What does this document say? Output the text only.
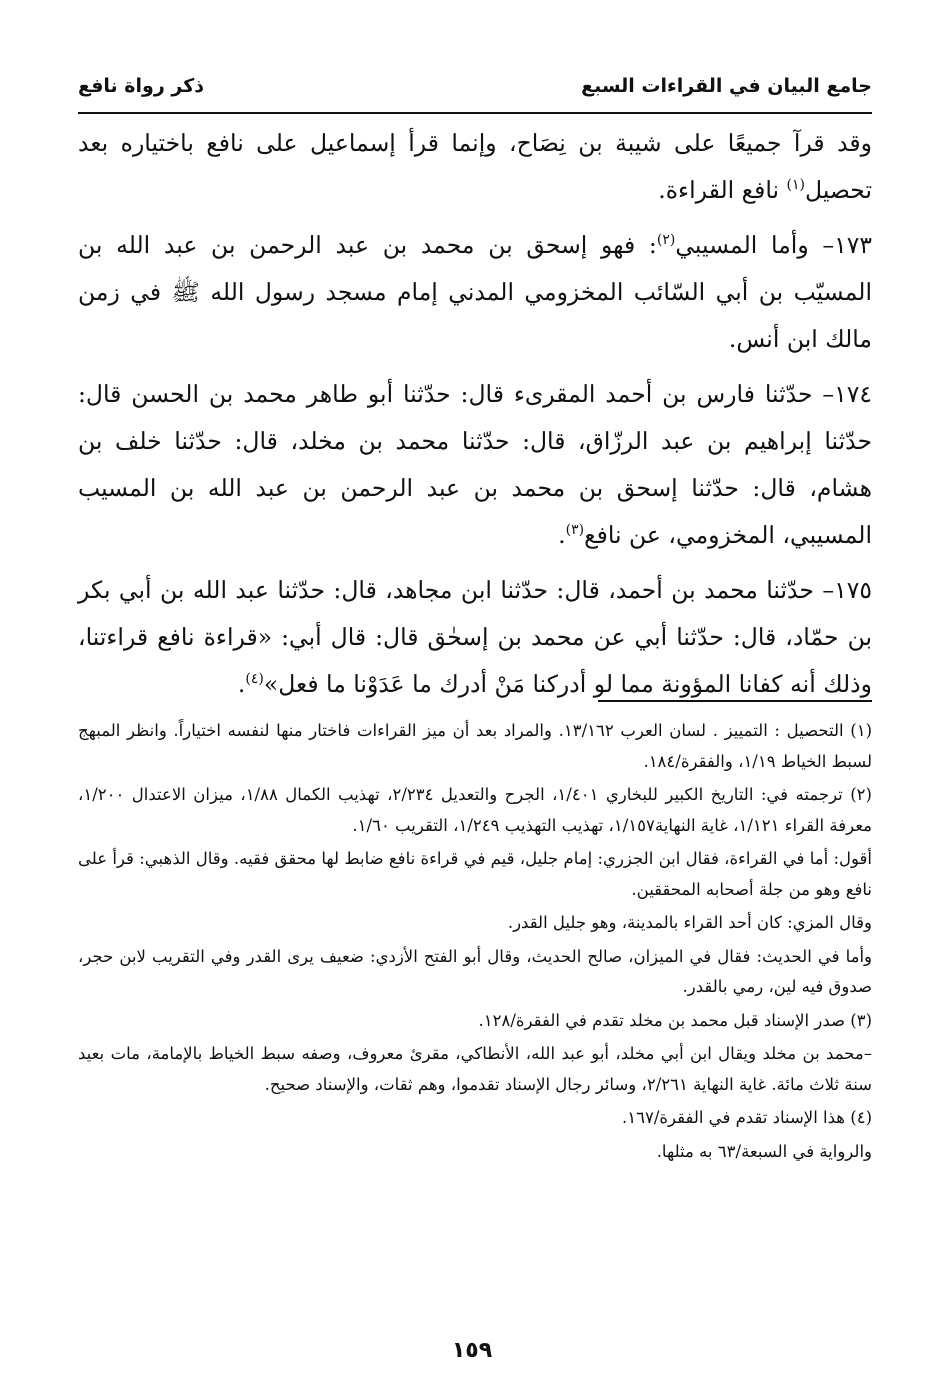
جامع البيان في القراءات السبع
ذكر رواة نافع

وقد قرآ جميعًا على شيبة بن نِصَاح، وإنما قرأ إسماعيل على نافع باختياره بعد تحصيل$^{(١)}$ نافع القراءة.

١٧٣– وأما المسيبي$^{(٢)}$: فهو إسحق بن محمد بن عبد الرحمن بن عبد الله بن المسيّب بن أبي السّائب المخزومي المدني إمام مسجد رسول الله ﷺ في زمن مالك ابن أنس.

١٧٤– حدّثنا فارس بن أحمد المقرىء قال: حدّثنا أبو طاهر محمد بن الحسن قال: حدّثنا إبراهيم بن عبد الرزّاق، قال: حدّثنا محمد بن مخلد، قال: حدّثنا خلف بن هشام، قال: حدّثنا إسحق بن محمد بن عبد الرحمن بن عبد الله بن المسيب المسيبي، المخزومي، عن نافع$^{(٣)}$.

١٧٥– حدّثنا محمد بن أحمد، قال: حدّثنا ابن مجاهد، قال: حدّثنا عبد الله بن أبي بكر بن حمّاد، قال: حدّثنا أبي عن محمد بن إسحٰق قال: قال أبي: «قراءة نافع قراءتنا، وذلك أنه كفانا المؤونة مما لو أدركنا مَنْ أدرك ما عَدَوْنا ما فعل»$^{(٤)}$.

(١) التحصيل : التمييز . لسان العرب ١٣/١٦٢. والمراد بعد أن ميز القراءات فاختار منها لنفسه اختياراً. وانظر المبهج لسبط الخياط ١/١٩، والفقرة/١٨٤.

(٢) ترجمته في: التاريخ الكبير للبخاري ١/٤٠١، الجرح والتعديل ٢/٢٣٤، تهذيب الكمال ١/٨٨، ميزان الاعتدال ١/٢٠٠، معرفة القراء ١/١٢١، غاية النهاية١/١٥٧، تهذيب التهذيب ١/٢٤٩، التقريب ١/٦٠.

أقول: أما في القراءة، فقال ابن الجزري: إمام جليل، قيم في قراءة نافع ضابط لها محقق فقيه. وقال الذهبي: قرأ على نافع وهو من جلة أصحابه المحققين.

وقال المزي: كان أحد القراء بالمدينة، وهو جليل القدر.

وأما في الحديث: فقال في الميزان، صالح الحديث، وقال أبو الفتح الأزدي: ضعيف يرى القدر وفي التقريب لابن حجر، صدوق فيه لين، رمي بالقدر.

(٣) صدر الإسناد قبل محمد بن مخلد تقدم في الفقرة/١٢٨.

–محمد بن مخلد ويقال ابن أبي مخلد، أبو عبد الله، الأنطاكي، مقرئ معروف، وصفه سبط الخياط بالإمامة، مات بعيد سنة ثلاث مائة. غاية النهاية ٢/٢٦١، وسائر رجال الإسناد تقدموا، وهم ثقات، والإسناد صحيح.

(٤) هذا الإسناد تقدم في الفقرة/١٦٧.

والرواية في السبعة/٦٣ به مثلها.

١٥٩
